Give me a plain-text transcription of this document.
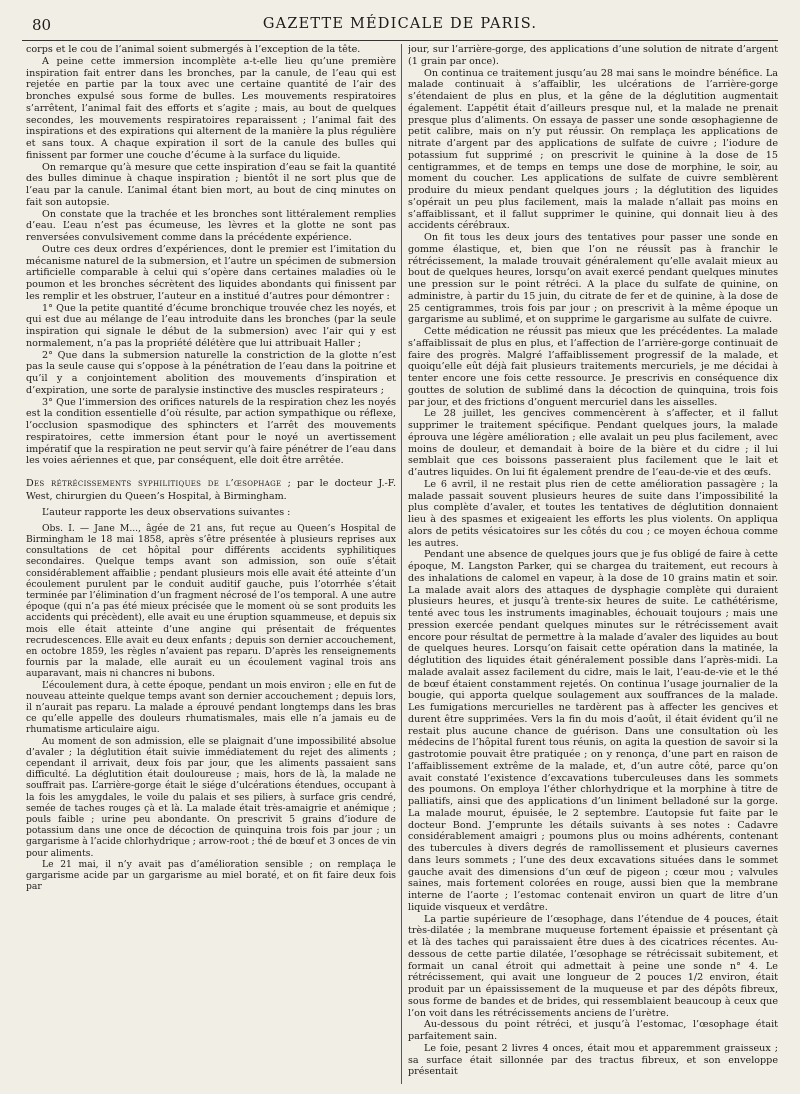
80	GAZETTE MÉDICALE DE PARIS.

corps et le cou de l’animal soient submergés à l’exception de la tête.

A peine cette immersion incomplète a-t-elle lieu qu’une première inspiration fait entrer dans les bronches, par la canule, de l’eau qui est rejetée en partie par la toux avec une certaine quantité de l’air des bronches expulsé sous forme de bulles. Les mouvements respiratoires s’arrêtent, l’animal fait des efforts et s’agite ; mais, au bout de quelques secondes, les mouvements respiratoires reparaissent ; l’animal fait des inspirations et des expirations qui alternent de la manière la plus régulière et sans toux. A chaque expiration il sort de la canule des bulles qui finissent par former une couche d’écume à la surface du liquide.

On remarque qu’à mesure que cette inspiration d’eau se fait la quantité des bulles diminue à chaque inspiration ; bientôt il ne sort plus que de l’eau par la canule. L’animal étant bien mort, au bout de cinq minutes on fait son autopsie.

On constate que la trachée et les bronches sont littéralement remplies d’eau. L’eau n’est pas écumeuse, les lèvres et la glotte ne sont pas renversées convulsivement comme dans la précédente expérience.

Outre ces deux ordres d’expériences, dont le premier est l’imitation du mécanisme naturel de la submersion, et l’autre un spécimen de submersion artificielle comparable à celui qui s’opère dans certaines maladies où le poumon et les bronches sécrètent des liquides abondants qui finissent par les remplir et les obstruer, l’auteur en a institué d’autres pour démontrer :

1° Que la petite quantité d’écume bronchique trouvée chez les noyés, et qui est due au mélange de l’eau introduite dans les bronches (par la seule inspiration qui signale le début de la submersion) avec l’air qui y est normalement, n’a pas la propriété délétère que lui attribuait Haller ;

2° Que dans la submersion naturelle la constriction de la glotte n’est pas la seule cause qui s’oppose à la pénétration de l’eau dans la poitrine et qu’il y a conjointement abolition des mouvements d’inspiration et d’expiration, une sorte de paralysie instinctive des muscles respirateurs ;

3° Que l’immersion des orifices naturels de la respiration chez les noyés est la condition essentielle d’où résulte, par action sympathique ou réflexe, l’occlusion spasmodique des sphincters et l’arrêt des mouvements respiratoires, cette immersion étant pour le noyé un avertissement impératif que la respiration ne peut servir qu’à faire pénétrer de l’eau dans les voies aériennes et que, par conséquent, elle doit être arrêtée.

Des rétrécissements syphilitiques de l’œsophage ; par le docteur J.-F. West, chirurgien du Queen’s Hospital, à Birmingham.

L’auteur rapporte les deux observations suivantes :

Obs. I. — Jane M..., âgée de 21 ans, fut reçue au Queen’s Hospital de Birmingham le 18 mai 1858, après s’être présentée à plusieurs reprises aux consultations de cet hôpital pour différents accidents syphilitiques secondaires. Quelque temps avant son admission, son ouïe s’était considérablement affaiblie ; pendant plusieurs mois elle avait été atteinte d’un écoulement purulent par le conduit auditif gauche, puis l’otorrhée s’était terminée par l’élimination d’un fragment nécrosé de l’os temporal. A une autre époque (qui n’a pas été mieux précisée que le moment où se sont produits les accidents qui précèdent), elle avait eu une éruption squammeuse, et depuis six mois elle était atteinte d’une angine qui présentait de fréquentes recrudescences. Elle avait eu deux enfants ; depuis son dernier accouchement, en octobre 1859, les règles n’avaient pas reparu. D’après les renseignements fournis par la malade, elle aurait eu un écoulement vaginal trois ans auparavant, mais ni chancres ni bubons.

L’écoulement dura, à cette époque, pendant un mois environ ; elle en fut de nouveau atteinte quelque temps avant son dernier accouchement ; depuis lors, il n’aurait pas reparu. La malade a éprouvé pendant longtemps dans les bras ce qu’elle appelle des douleurs rhumatismales, mais elle n’a jamais eu de rhumatisme articulaire aigu.

Au moment de son admission, elle se plaignait d’une impossibilité absolue d’avaler ; la déglutition était suivie immédiatement du rejet des aliments ; cependant il arrivait, deux fois par jour, que les aliments passaient sans difficulté. La déglutition était douloureuse ; mais, hors de là, la malade ne souffrait pas. L’arrière-gorge était le siége d’ulcérations étendues, occupant à la fois les amygdales, le voile du palais et ses piliers, à surface gris cendré, semée de taches rouges çà et là. La malade était très-amaigrie et anémique ; pouls faible ; urine peu abondante. On prescrivit 5 grains d’iodure de potassium dans une once de décoction de quinquina trois fois par jour ; un gargarisme à l’acide chlorhydrique ; arrow-root ; thé de bœuf et 3 onces de vin pour aliments.

Le 21 mai, il n’y avait pas d’amélioration sensible ; on remplaça le gargarisme acide par un gargarisme au miel boraté, et on fit faire deux fois par

jour, sur l’arrière-gorge, des applications d’une solution de nitrate d’argent (1 grain par once).

On continua ce traitement jusqu’au 28 mai sans le moindre bénéfice. La malade continuait à s’affaiblir, les ulcérations de l’arrière-gorge s’étendaient de plus en plus, et la gêne de la déglutition augmentait également. L’appétit était d’ailleurs presque nul, et la malade ne prenait presque plus d’aliments. On essaya de passer une sonde œsophagienne de petit calibre, mais on n’y put réussir. On remplaça les applications de nitrate d’argent par des applications de sulfate de cuivre ; l’iodure de potassium fut supprimé ; on prescrivit le quinine à la dose de 15 centigrammes, et de temps en temps une dose de morphine, le soir, au moment du coucher. Les applications de sulfate de cuivre semblèrent produire du mieux pendant quelques jours ; la déglutition des liquides s’opérait un peu plus facilement, mais la malade n’allait pas moins en s’affaiblissant, et il fallut supprimer le quinine, qui donnait lieu à des accidents cérébraux.

On fit tous les deux jours des tentatives pour passer une sonde en gomme élastique, et, bien que l’on ne réussît pas à franchir le rétrécissement, la malade trouvait généralement qu’elle avalait mieux au bout de quelques heures, lorsqu’on avait exercé pendant quelques minutes une pression sur le point rétréci. A la place du sulfate de quinine, on administre, à partir du 15 juin, du citrate de fer et de quinine, à la dose de 25 centigrammes, trois fois par jour ; on prescrivit à la même époque un gargarisme au sublimé, et on supprime le gargarisme au sulfate de cuivre.

Cette médication ne réussit pas mieux que les précédentes. La malade s’affaiblissait de plus en plus, et l’affection de l’arrière-gorge continuait de faire des progrès. Malgré l’affaiblissement progressif de la malade, et quoiqu’elle eût déjà fait plusieurs traitements mercuriels, je me décidai à tenter encore une fois cette ressource. Je prescrivis en conséquence dix gouttes de solution de sublimé dans la décoction de quinquina, trois fois par jour, et des frictions d’onguent mercuriel dans les aisselles.

Le 28 juillet, les gencives commencèrent à s’affecter, et il fallut supprimer le traitement spécifique. Pendant quelques jours, la malade éprouva une légère amélioration ; elle avalait un peu plus facilement, avec moins de douleur, et demandait à boire de la bière et du cidre ; il lui semblait que ces boissons passeraient plus facilement que le lait et d’autres liquides. On lui fit également prendre de l’eau-de-vie et des œufs.

Le 6 avril, il ne restait plus rien de cette amélioration passagère ; la malade passait souvent plusieurs heures de suite dans l’impossibilité la plus complète d’avaler, et toutes les tentatives de déglutition donnaient lieu à des spasmes et exigeaient les efforts les plus violents. On appliqua alors de petits vésicatoires sur les côtés du cou ; ce moyen échoua comme les autres.

Pendant une absence de quelques jours que je fus obligé de faire à cette époque, M. Langston Parker, qui se chargea du traitement, eut recours à des inhalations de calomel en vapeur, à la dose de 10 grains matin et soir. La malade avait alors des attaques de dysphagie complète qui duraient plusieurs heures, et jusqu’à trente-six heures de suite. Le cathétérisme, tenté avec tous les instruments imaginables, échouait toujours ; mais une pression exercée pendant quelques minutes sur le rétrécissement avait encore pour résultat de permettre à la malade d’avaler des liquides au bout de quelques heures. Lorsqu’on faisait cette opération dans la matinée, la déglutition des liquides était généralement possible dans l’après-midi. La malade avalait assez facilement du cidre, mais le lait, l’eau-de-vie et le thé de bœuf étaient constamment rejetés. On continua l’usage journalier de la bougie, qui apporta quelque soulagement aux souffrances de la malade. Les fumigations mercurielles ne tardèrent pas à affecter les gencives et durent être supprimées. Vers la fin du mois d’août, il était évident qu’il ne restait plus aucune chance de guérison. Dans une consultation où les médecins de l’hôpital furent tous réunis, on agita la question de savoir si la gastrotomie pouvait être pratiquée ; on y renonça, d’une part en raison de l’affaiblissement extrême de la malade, et, d’un autre côté, parce qu’on avait constaté l’existence d’excavations tuberculeuses dans les sommets des poumons. On employa l’éther chlorhydrique et la morphine à titre de palliatifs, ainsi que des applications d’un liniment belladoné sur la gorge. La malade mourut, épuisée, le 2 septembre. L’autopsie fut faite par le docteur Bond. J’emprunte les détails suivants à ses notes : Cadavre considérablement amaigri ; poumons plus ou moins adhérents, contenant des tubercules à divers degrés de ramollissement et plusieurs cavernes dans leurs sommets ; l’une des deux excavations situées dans le sommet gauche avait des dimensions d’un œuf de pigeon ; cœur mou ; valvules saines, mais fortement colorées en rouge, aussi bien que la membrane interne de l’aorte ; l’estomac contenait environ un quart de litre d’un liquide visqueux et verdâtre.

La partie supérieure de l’œsophage, dans l’étendue de 4 pouces, était très-dilatée ; la membrane muqueuse fortement épaissie et présentant çà et là des taches qui paraissaient être dues à des cicatrices récentes. Au-dessous de cette partie dilatée, l’œsophage se rétrécissait subitement, et formait un canal étroit qui admettait à peine une sonde n° 4. Le rétrécissement, qui avait une longueur de 2 pouces 1/2 environ, était produit par un épaississement de la muqueuse et par des dépôts fibreux, sous forme de bandes et de brides, qui ressemblaient beaucoup à ceux que l’on voit dans les rétrécissements anciens de l’urètre.

Au-dessous du point rétréci, et jusqu’à l’estomac, l’œsophage était parfaitement sain.

Le foie, pesant 2 livres 4 onces, était mou et apparemment graisseux ; sa surface était sillonnée par des tractus fibreux, et son enveloppe présentait
